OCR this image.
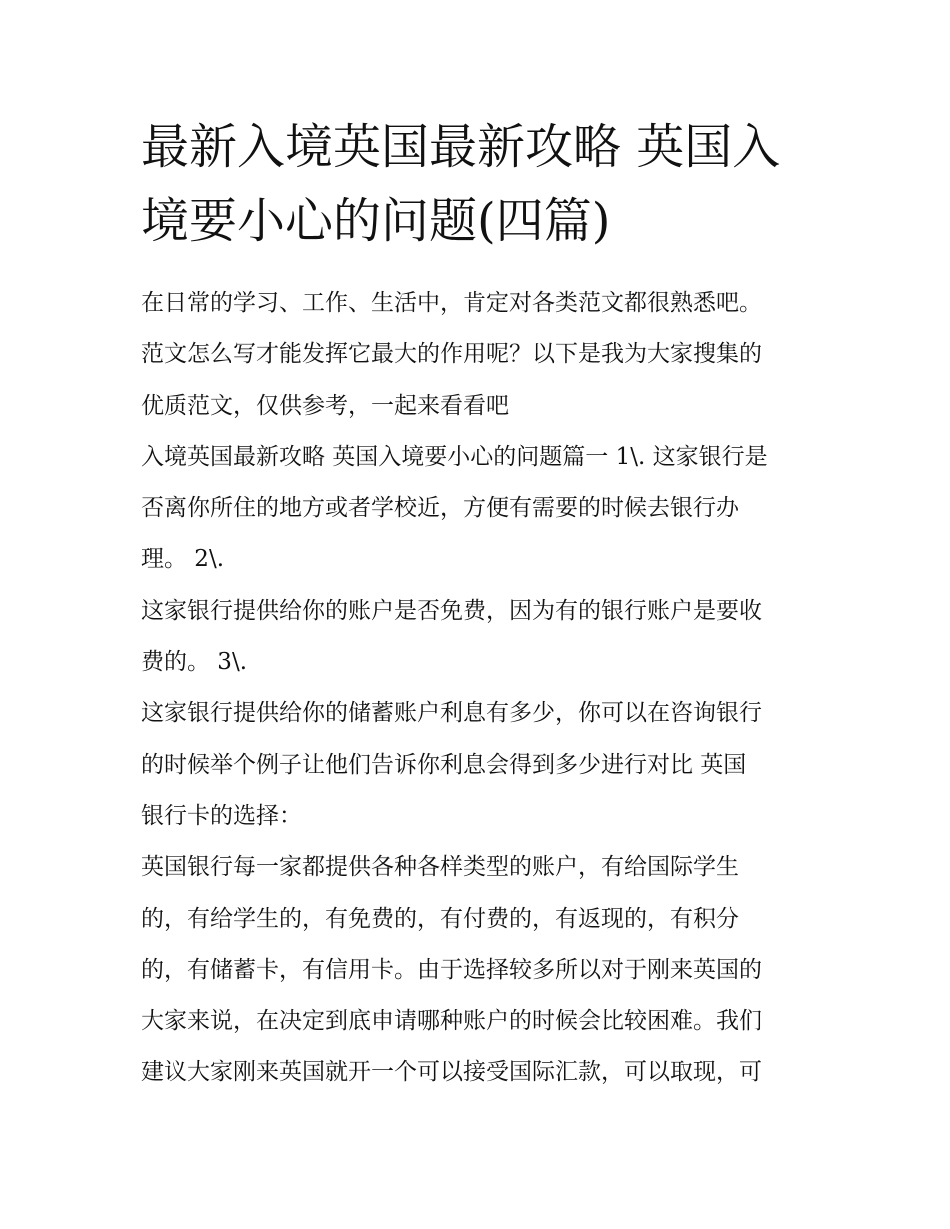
最新入境英国最新攻略 英国入
境要小心的问题(四篇)
在日常的学习、工作、生活中，肯定对各类范文都很熟悉吧。
范文怎么写才能发挥它最大的作用呢？以下是我为大家搜集的
优质范文，仅供参考，一起来看看吧
入境英国最新攻略 英国入境要小心的问题篇一 1\. 这家银行是
否离你所住的地方或者学校近，方便有需要的时候去银行办
理。 2\.
这家银行提供给你的账户是否免费，因为有的银行账户是要收
费的。 3\.
这家银行提供给你的储蓄账户利息有多少，你可以在咨询银行
的时候举个例子让他们告诉你利息会得到多少进行对比 英国
银行卡的选择：
英国银行每一家都提供各种各样类型的账户，有给国际学生
的，有给学生的，有免费的，有付费的，有返现的，有积分
的，有储蓄卡，有信用卡。由于选择较多所以对于刚来英国的
大家来说，在决定到底申请哪种账户的时候会比较困难。我们
建议大家刚来英国就开一个可以接受国际汇款，可以取现，可
